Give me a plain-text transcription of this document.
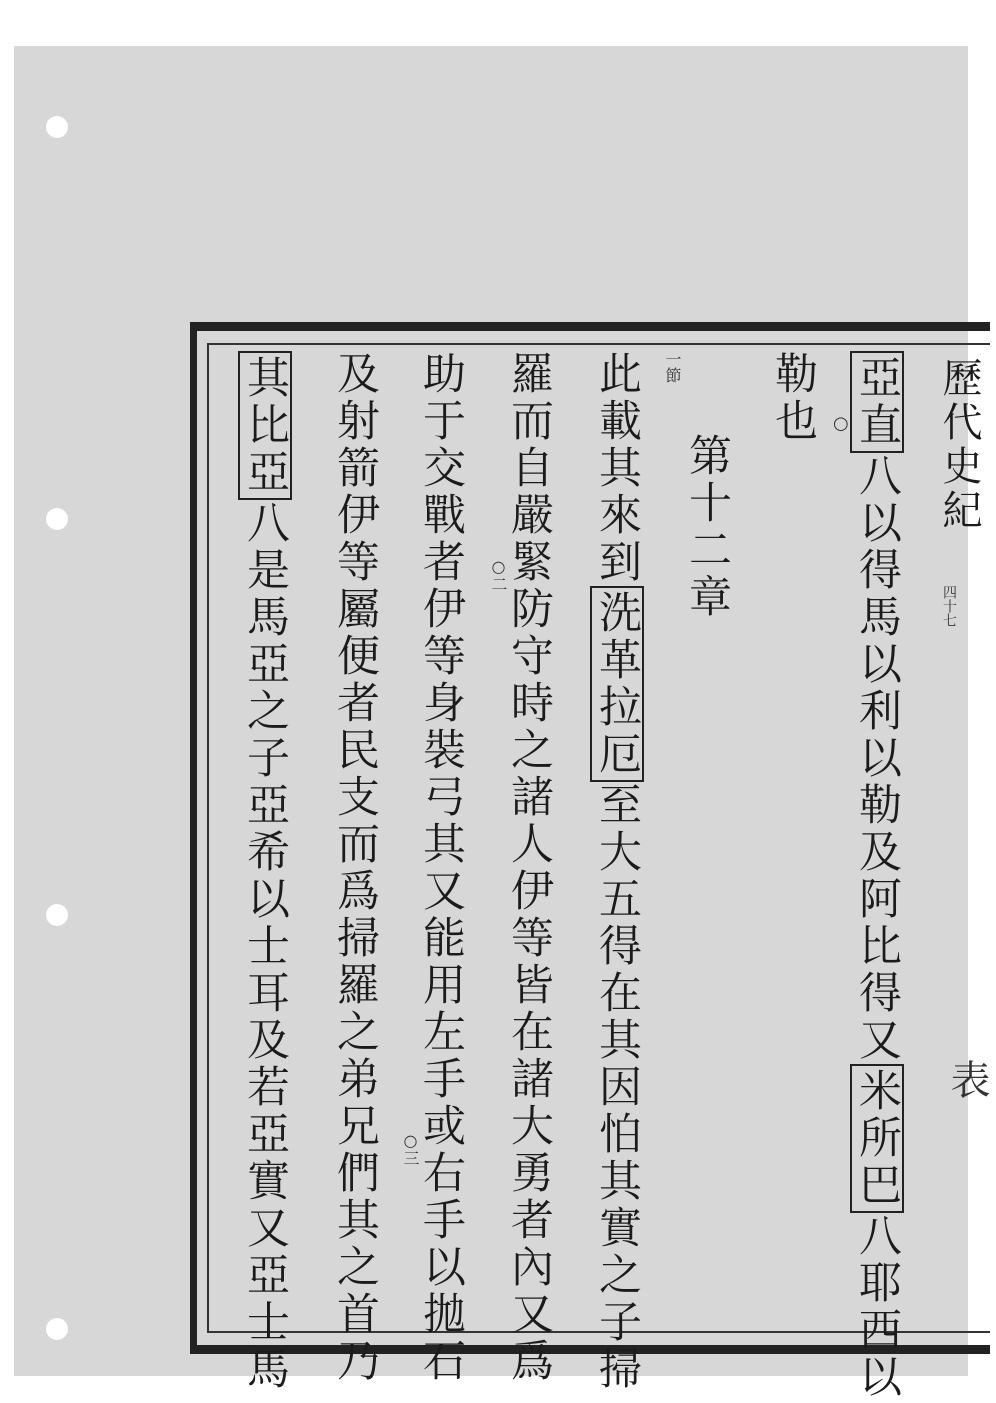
歷代史紀
四十七
表
亞直八以得馬以利以勒及阿比得又米所巴八耶西以
勒也 ○
第十二章
一節
此載其來到洗革拉厄至大五得在其因怕其實之子掃
羅而自嚴緊防守時之諸人伊等皆在諸大勇者內又爲
○二
助于交戰者伊等身裝弓其又能用左手或右手以拋石
○三
及射箭伊等屬便者民支而爲掃羅之弟兄們其之首乃
其比亞八是馬亞之子亞希以士耳及若亞實又亞士馬
